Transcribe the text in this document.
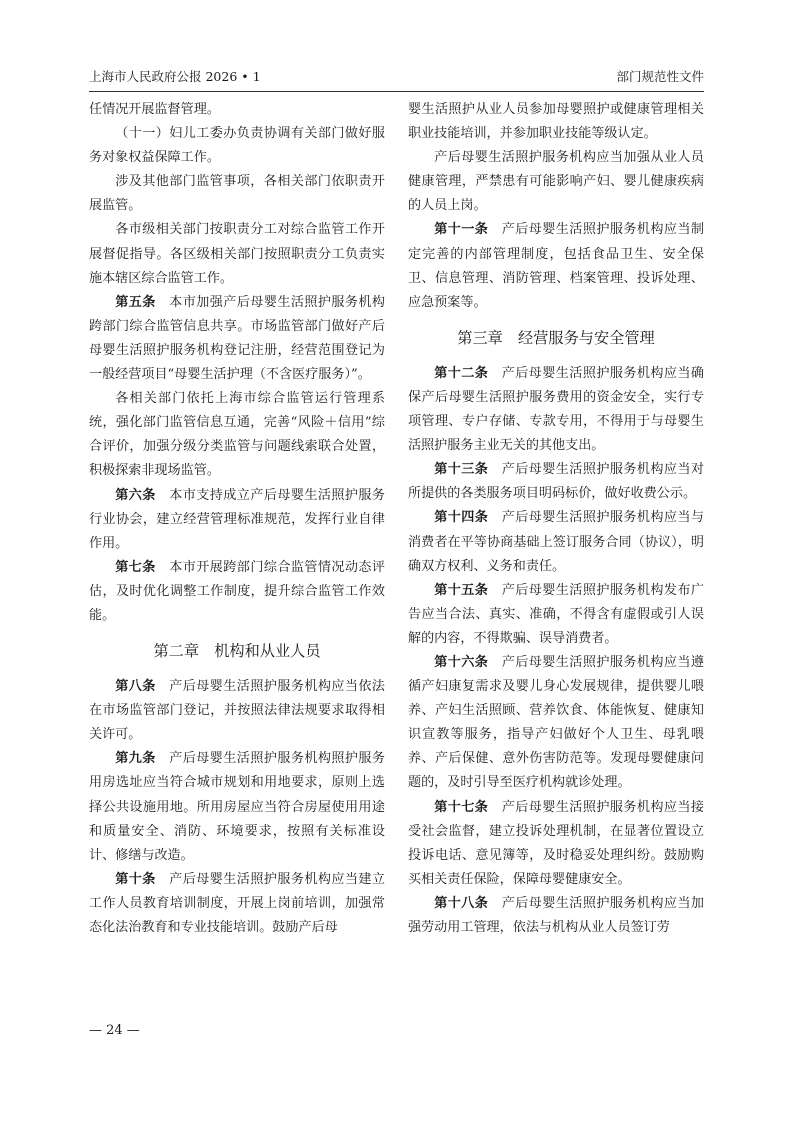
上海市人民政府公报 2026 • 1	部门规范性文件

任情况开展监督管理。

（十一）妇儿工委办负责协调有关部门做好服务对象权益保障工作。

涉及其他部门监管事项，各相关部门依职责开展监管。

各市级相关部门按职责分工对综合监管工作开展督促指导。各区级相关部门按照职责分工负责实施本辖区综合监管工作。

第五条　 本市加强产后母婴生活照护服务机构跨部门综合监管信息共享。市场监管部门做好产后母婴生活照护服务机构登记注册，经营范围登记为一般经营项目“母婴生活护理（不含医疗服务）”。

各相关部门依托上海市综合监管运行管理系统，强化部门监管信息互通，完善“风险＋信用”综合评价，加强分级分类监管与问题线索联合处置，积极探索非现场监管。

第六条　 本市支持成立产后母婴生活照护服务行业协会，建立经营管理标准规范，发挥行业自律作用。

第七条　 本市开展跨部门综合监管情况动态评估，及时优化调整工作制度，提升综合监管工作效能。

第二章　机构和从业人员

第八条　 产后母婴生活照护服务机构应当依法在市场监管部门登记，并按照法律法规要求取得相关许可。

第九条　 产后母婴生活照护服务机构照护服务用房选址应当符合城市规划和用地要求，原则上选择公共设施用地。所用房屋应当符合房屋使用用途和质量安全、消防、环境要求，按照有关标准设计、修缮与改造。

第十条　 产后母婴生活照护服务机构应当建立工作人员教育培训制度，开展上岗前培训，加强常态化法治教育和专业技能培训。鼓励产后母

婴生活照护从业人员参加母婴照护或健康管理相关职业技能培训，并参加职业技能等级认定。

产后母婴生活照护服务机构应当加强从业人员健康管理，严禁患有可能影响产妇、婴儿健康疾病的人员上岗。

第十一条　 产后母婴生活照护服务机构应当制定完善的内部管理制度，包括食品卫生、安全保卫、信息管理、消防管理、档案管理、投诉处理、应急预案等。

第三章　经营服务与安全管理

第十二条　 产后母婴生活照护服务机构应当确保产后母婴生活照护服务费用的资金安全，实行专项管理、专户存储、专款专用，不得用于与母婴生活照护服务主业无关的其他支出。

第十三条　 产后母婴生活照护服务机构应当对所提供的各类服务项目明码标价，做好收费公示。

第十四条　 产后母婴生活照护服务机构应当与消费者在平等协商基础上签订服务合同（协议），明确双方权利、义务和责任。

第十五条　 产后母婴生活照护服务机构发布广告应当合法、真实、准确，不得含有虚假或引人误解的内容，不得欺骗、误导消费者。

第十六条　 产后母婴生活照护服务机构应当遵循产妇康复需求及婴儿身心发展规律，提供婴儿喂养、产妇生活照顾、营养饮食、体能恢复、健康知识宣教等服务，指导产妇做好个人卫生、母乳喂养、产后保健、意外伤害防范等。发现母婴健康问题的，及时引导至医疗机构就诊处理。

第十七条　 产后母婴生活照护服务机构应当接受社会监督，建立投诉处理机制，在显著位置设立投诉电话、意见簿等，及时稳妥处理纠纷。鼓励购买相关责任保险，保障母婴健康安全。

第十八条　 产后母婴生活照护服务机构应当加强劳动用工管理，依法与机构从业人员签订劳

— 24 —
